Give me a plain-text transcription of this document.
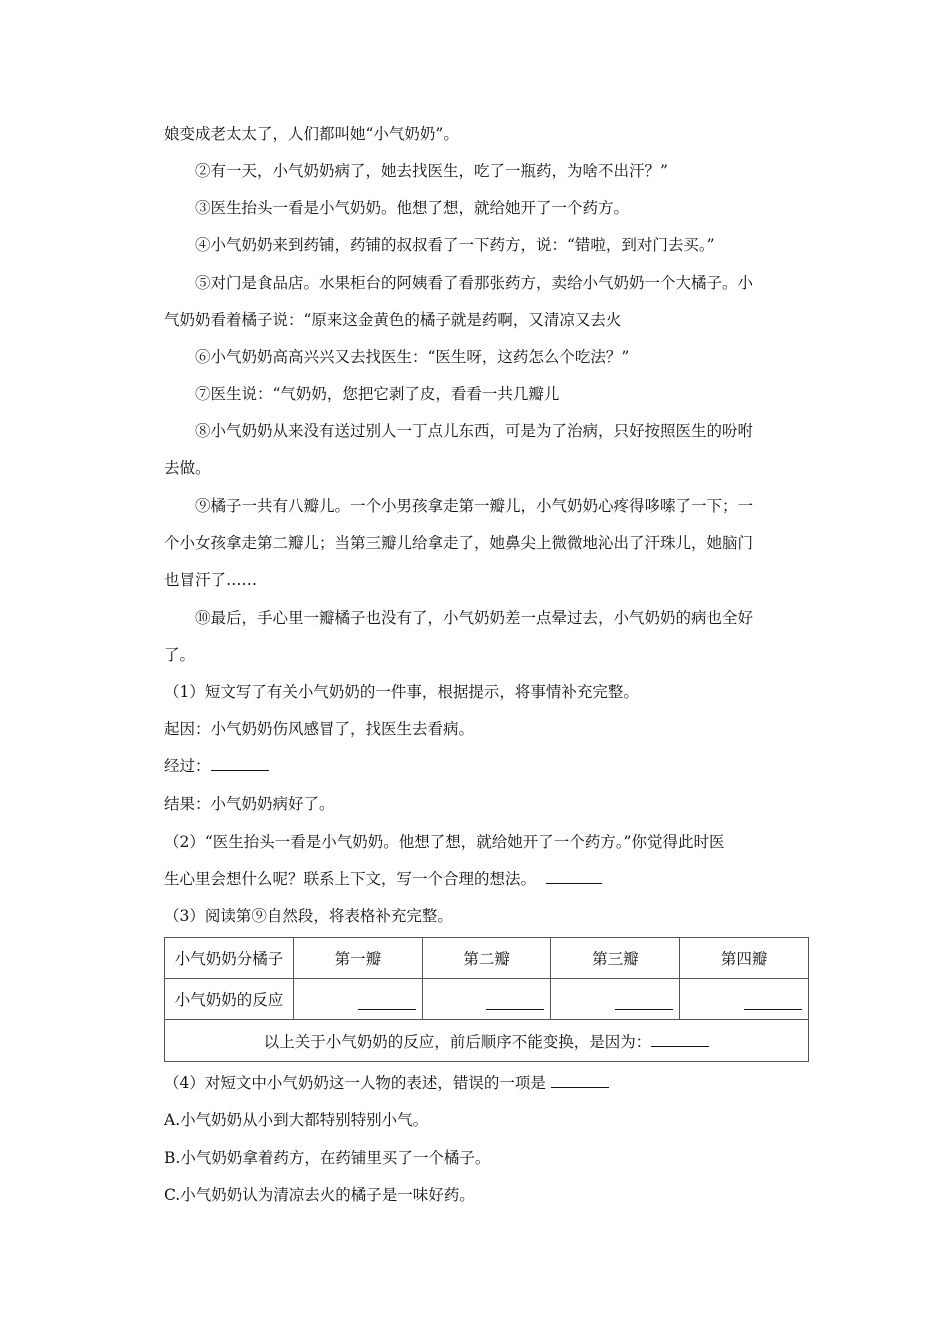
娘变成老太太了，人们都叫她“小气奶奶”。
②有一天，小气奶奶病了，她去找医生，吃了一瓶药，为啥不出汗？”
③医生抬头一看是小气奶奶。他想了想，就给她开了一个药方。
④小气奶奶来到药铺，药铺的叔叔看了一下药方，说：“错啦，到对门去买。”
⑤对门是食品店。水果柜台的阿姨看了看那张药方，卖给小气奶奶一个大橘子。小
气奶奶看着橘子说：“原来这金黄色的橘子就是药啊，又清凉又去火
⑥小气奶奶高高兴兴又去找医生：“医生呀，这药怎么个吃法？”
⑦医生说：“气奶奶，您把它剥了皮，看看一共几瓣儿
⑧小气奶奶从来没有送过别人一丁点儿东西，可是为了治病，只好按照医生的吩咐
去做。
⑨橘子一共有八瓣儿。一个小男孩拿走第一瓣儿，小气奶奶心疼得哆嗦了一下；一
个小女孩拿走第二瓣儿；当第三瓣儿给拿走了，她鼻尖上微微地沁出了汗珠儿，她脑门
也冒汗了……
⑩最后，手心里一瓣橘子也没有了，小气奶奶差一点晕过去，小气奶奶的病也全好
了。
（1）短文写了有关小气奶奶的一件事，根据提示，将事情补充完整。
起因：小气奶奶伤风感冒了，找医生去看病。
经过：
结果：小气奶奶病好了。
（2）“医生抬头一看是小气奶奶。他想了想，就给她开了一个药方。”你觉得此时医
生心里会想什么呢？联系上下文，写一个合理的想法。
（3）阅读第⑨自然段，将表格补充完整。
小气奶奶分橘子	第一瓣	第二瓣	第三瓣	第四瓣
小气奶奶的反应				
以上关于小气奶奶的反应，前后顺序不能变换，是因为：				
（4）对短文中小气奶奶这一人物的表述，错误的一项是
A.小气奶奶从小到大都特别特别小气。
B.小气奶奶拿着药方，在药铺里买了一个橘子。
C.小气奶奶认为清凉去火的橘子是一味好药。
